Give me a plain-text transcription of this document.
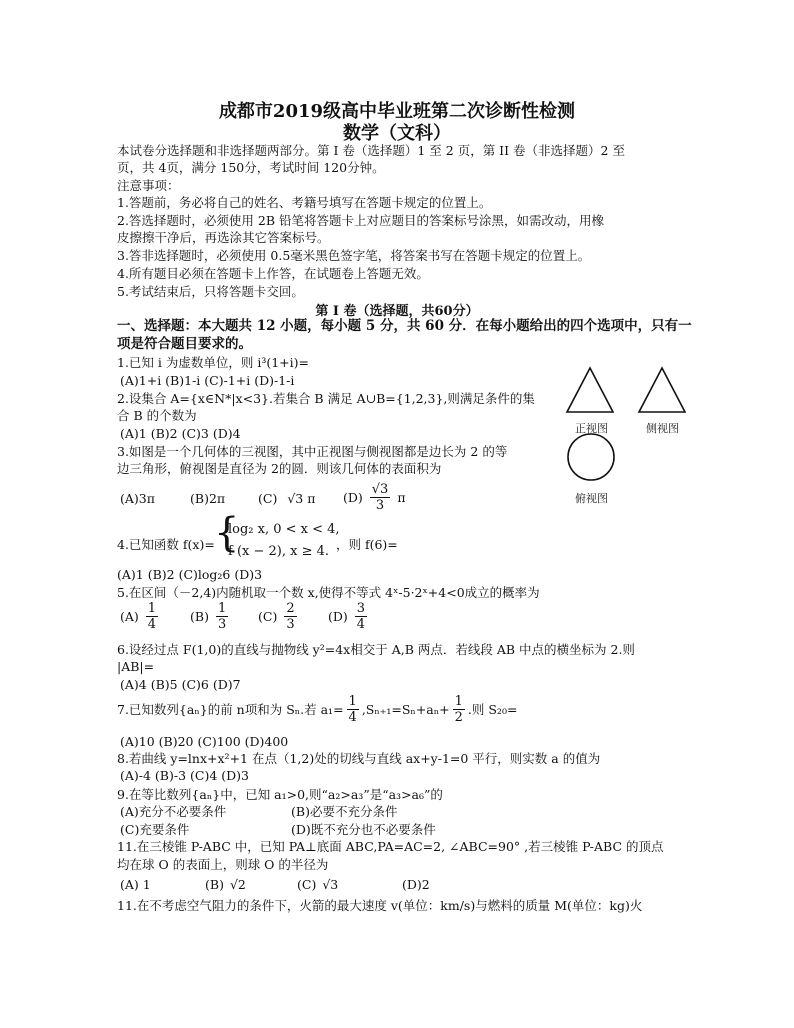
成都市2019级高中毕业班第二次诊断性检测
数学（文科）
本试卷分选择题和非选择题两部分。第 I 卷（选择题）1 至 2 页，第 II 卷（非选择题）2 至
页，共 4页，满分 150分，考试时间 120分钟。
注意事项：
1.答题前，务必将自己的姓名、考籍号填写在答题卡规定的位置上。
2.答选择题时，必须使用 2B 铅笔将答题卡上对应题目的答案标号涂黑，如需改动，用橡
皮擦擦干净后，再选涂其它答案标号。
3.答非选择题时，必须使用 0.5毫米黑色签字笔，将答案书写在答题卡规定的位置上。
4.所有题目必须在答题卡上作答，在试题卷上答题无效。
5.考试结束后，只将答题卡交回。
第 I 卷（选择题，共60分）
一、选择题：本大题共 12 小题，每小题 5 分，共 60 分．在每小题给出的四个选项中，只有一
项是符合题目要求的。
1.已知 i 为虚数单位，则 i³(1+i)=
(A)1+i (B)1-i (C)-1+i (D)-1-i
2.设集合 A={x∈N*|x<3}.若集合 B 满足 A∪B={1,2,3},则满足条件的集
合 B 的个数为
(A)1 (B)2 (C)3 (D)4
3.如图是一个几何体的三视图，其中正视图与侧视图都是边长为 2 的等
边三角形，俯视图是直径为 2的圆．则该几何体的表面积为
(A)3π	(B)2π	(C) √3 π $(D) \frac{√3}{3}$ π
正视图	侧视图
俯视图
4.已知函数 f(x)= {
log₂ x, 0 < x < 4,
f (x − 2), x ≥ 4. ，则 f(6)=
(A)1 (B)2 (C)log₂6 (D)3
5.在区间（－2,4)内随机取一个数 x,使得不等式 4ˣ-5·2ˣ+4<0成立的概率为
$(A) \frac{1}{4}$	$(B) \frac{1}{3} (C) \frac{2}{3}$	$(D) \frac{3}{4}$
6.设经过点 F(1,0)的直线与抛物线 y²=4x相交于 A,B 两点．若线段 AB 中点的横坐标为 2.则
|AB|=
(A)4 (B)5 (C)6 (D)7
7.已知数列{aₙ}的前 n项和为 Sₙ.若 $a_1= \frac{1}{4} ,S_{n+1}=S_n+a_n+ \frac{1}{2}$ .则 S₂₀=
(A)10 (B)20 (C)100 (D)400
8.若曲线 y=lnx+x²+1 在点（1,2)处的切线与直线 ax+y-1=0 平行，则实数 a 的值为
(A)-4 (B)-3 (C)4 (D)3
9.在等比数列{aₙ}中，已知 a₁>0,则“a₂>a₃”是“a₃>a₆”的
(A)充分不必要条件	(B)必要不充分条件
(C)充要条件	(D)既不充分也不必要条件
11.在三棱锥 P-ABC 中，已知 PA⊥底面 ABC,PA=AC=2, ∠ABC=90° ,若三棱锥 P-ABC 的顶点
均在球 O 的表面上，则球 O 的半径为
(A) 1	(B) √2	(C) √3	(D)2
11.在不考虑空气阻力的条件下，火箭的最大速度 v(单位：km/s)与燃料的质量 M(单位：kg)火
